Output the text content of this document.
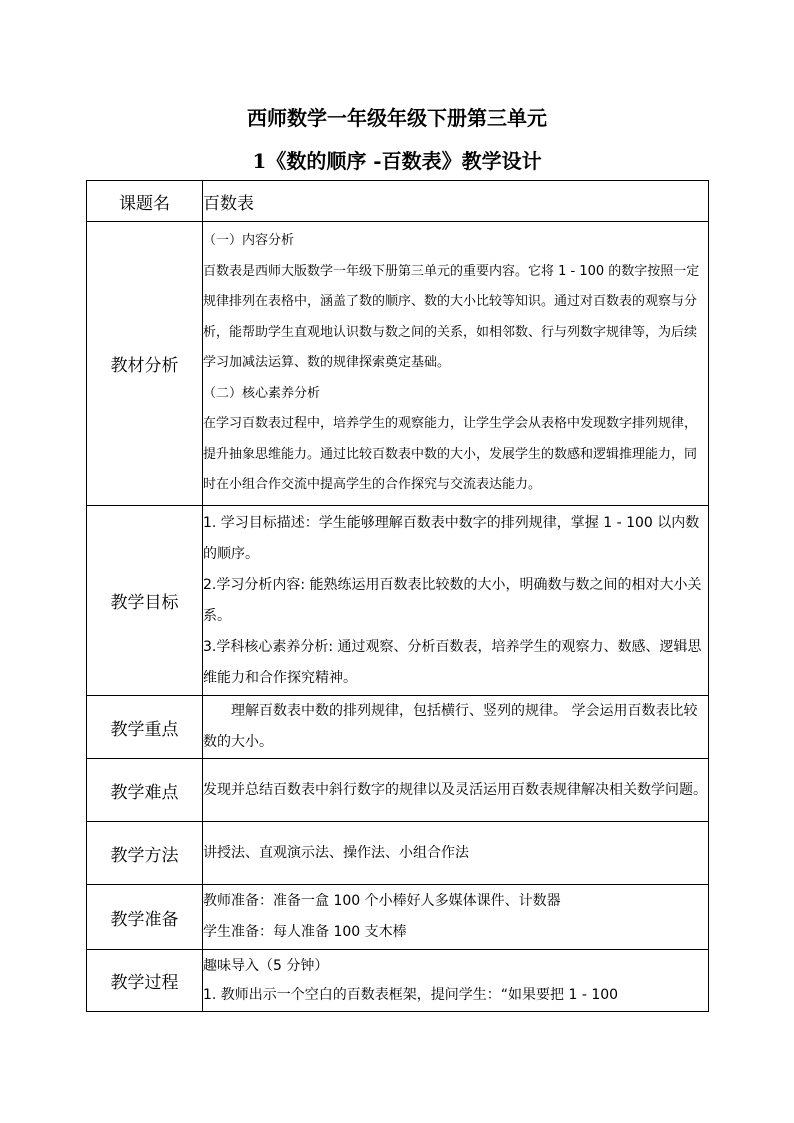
西师数学一年级年级下册第三单元
1《数的顺序 -百数表》教学设计
课题名	百数表
教材分析	（一）内容分析

百数表是西师大版数学一年级下册第三单元的重要内容。它将 1 - 100 的数字按照一定规律排列在表格中，涵盖了数的顺序、数的大小比较等知识。通过对百数表的观察与分析，能帮助学生直观地认识数与数之间的关系，如相邻数、行与列数字规律等，为后续学习加减法运算、数的规律探索奠定基础。

（二）核心素养分析

在学习百数表过程中，培养学生的观察能力，让学生学会从表格中发现数字排列规律，提升抽象思维能力。通过比较百数表中数的大小，发展学生的数感和逻辑推理能力，同时在小组合作交流中提高学生的合作探究与交流表达能力。

教学目标	1. 学习目标描述：学生能够理解百数表中数字的排列规律，掌握 1 - 100 以内数的顺序。

2.学习分析内容: 能熟练运用百数表比较数的大小，明确数与数之间的相对大小关系。

3.学科核心素养分析: 通过观察、分析百数表，培养学生的观察力、数感、逻辑思维能力和合作探究精神。

教学重点	理解百数表中数的排列规律，包括横行、竖列的规律。 学会运用百数表比较数的大小。

教学难点	发现并总结百数表中斜行数字的规律以及灵活运用百数表规律解决相关数学问题。

教学方法	讲授法、直观演示法、操作法、小组合作法

教学准备	教师准备：准备一盒 100 个小棒好人多媒体课件、计数器

学生准备：每人准备 100 支木棒

教学过程	趣味导入（5 分钟）

1. 教师出示一个空白的百数表框架，提问学生：“如果要把 1 - 100
